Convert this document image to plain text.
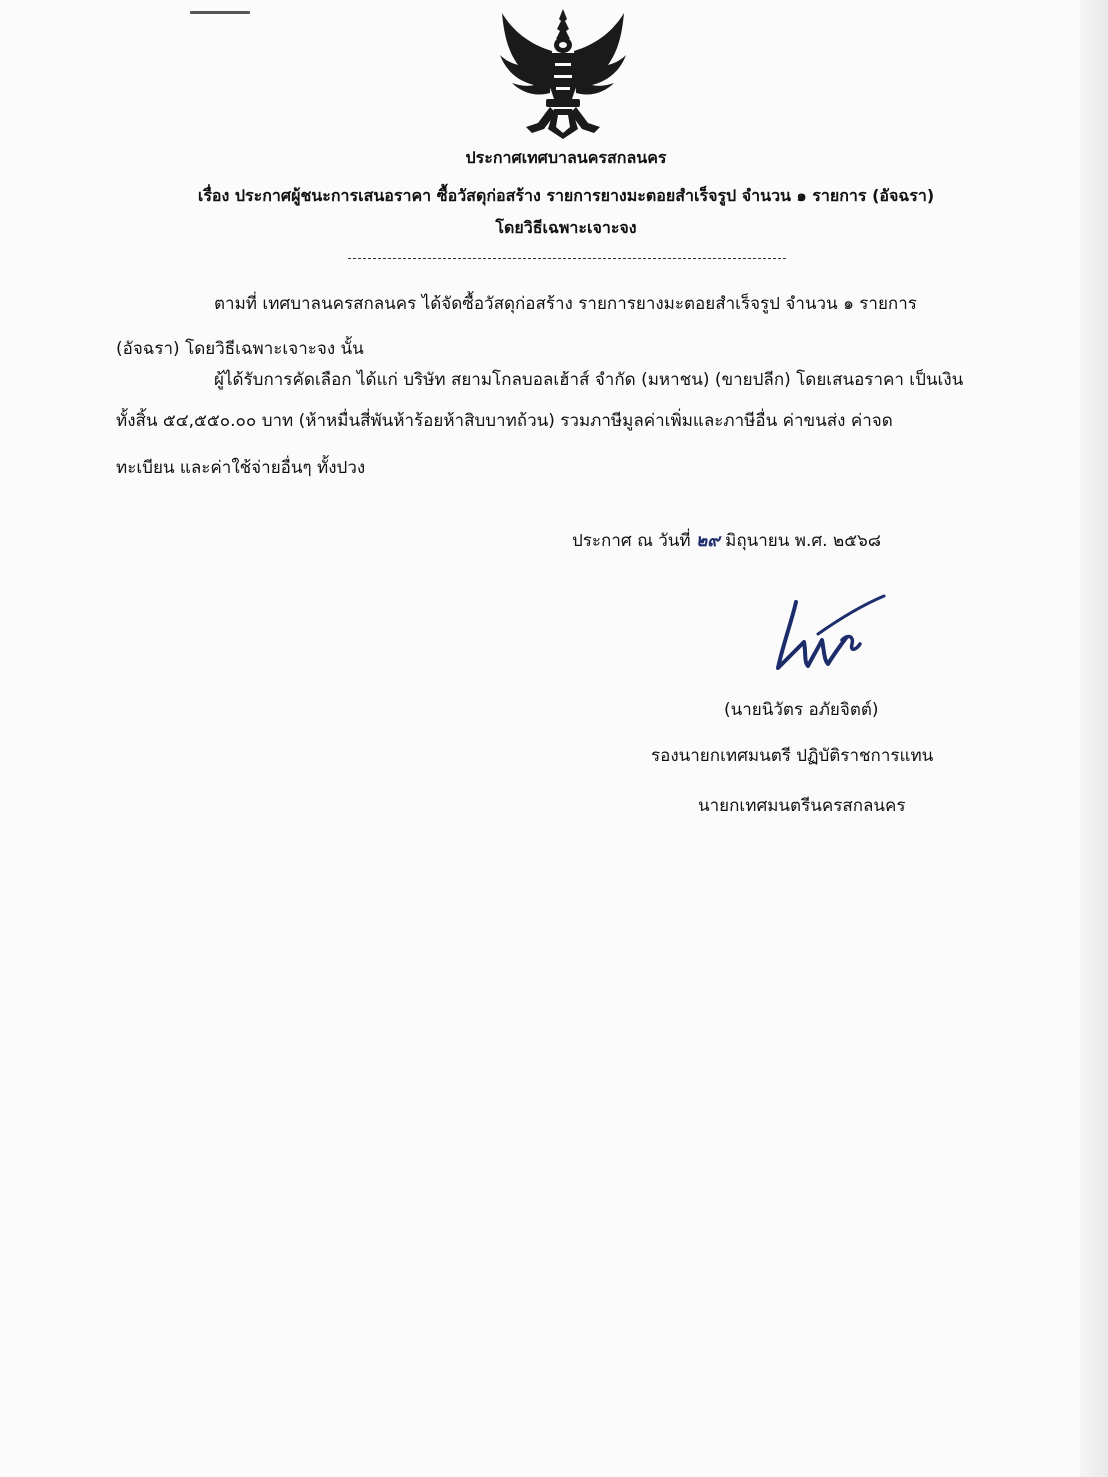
ประกาศเทศบาลนครสกลนคร
เรื่อง ประกาศผู้ชนะการเสนอราคา ซื้อวัสดุก่อสร้าง รายการยางมะตอยสำเร็จรูป จำนวน ๑ รายการ (อัจฉรา)
โดยวิธีเฉพาะเจาะจง
ตามที่ เทศบาลนครสกลนคร ได้จัดซื้อวัสดุก่อสร้าง รายการยางมะตอยสำเร็จรูป จำนวน ๑ รายการ
(อัจฉรา) โดยวิธีเฉพาะเจาะจง นั้น
ผู้ได้รับการคัดเลือก ได้แก่ บริษัท สยามโกลบอลเฮ้าส์ จำกัด (มหาชน) (ขายปลีก) โดยเสนอราคา เป็นเงิน
ทั้งสิ้น ๕๔,๕๕๐.๐๐ บาท (ห้าหมื่นสี่พันห้าร้อยห้าสิบบาทถ้วน) รวมภาษีมูลค่าเพิ่มและภาษีอื่น ค่าขนส่ง ค่าจด
ทะเบียน และค่าใช้จ่ายอื่นๆ ทั้งปวง
ประกาศ ณ วันที่ ๒๙ มิถุนายน พ.ศ. ๒๕๖๘
(นายนิวัตร อภัยจิตต์)
รองนายกเทศมนตรี ปฏิบัติราชการแทน
นายกเทศมนตรีนครสกลนคร
